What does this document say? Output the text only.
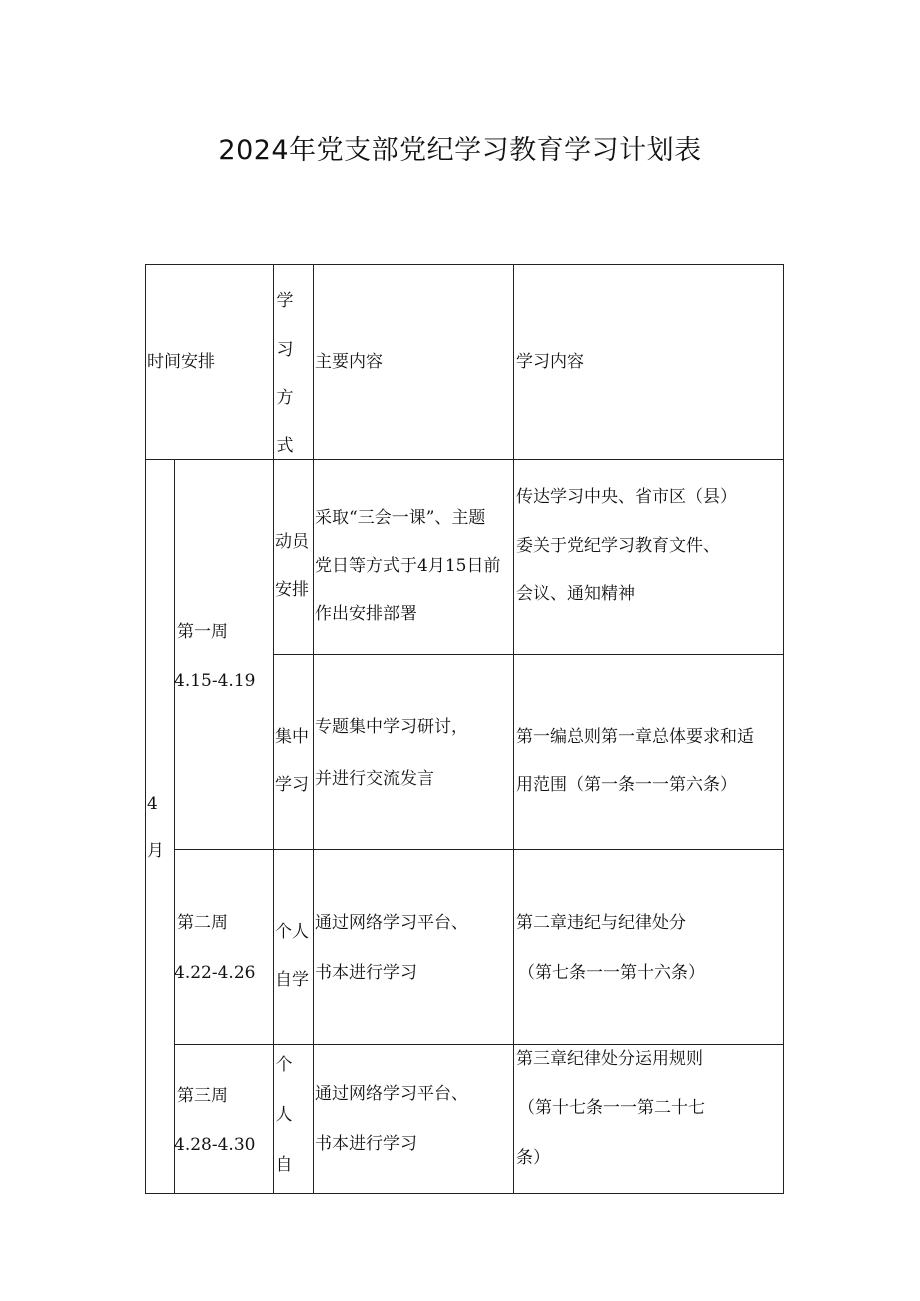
2024年党支部党纪学习教育学习计划表
时间安排
学
习
方
式
主要内容	学习内容
4
月
第一周
4.15-4.19
动员
安排
采取“三会一课”、主题
党日等方式于4月15日前
作出安排部署
传达学习中央、省市区（县）
委关于党纪学习教育文件、
会议、通知精神
集中
学习
专题集中学习研讨，
并进行交流发言
第一编总则第一章总体要求和适
用范围（第一条一一第六条）
第二周
4.22-4.26
个人
自学
通过网络学习平台、
书本进行学习
第二章违纪与纪律处分
（第七条一一第十六条）
第三周
4.28-4.30
个
人
自
通过网络学习平台、
书本进行学习
第三章纪律处分运用规则
（第十七条一一第二十七
条）
